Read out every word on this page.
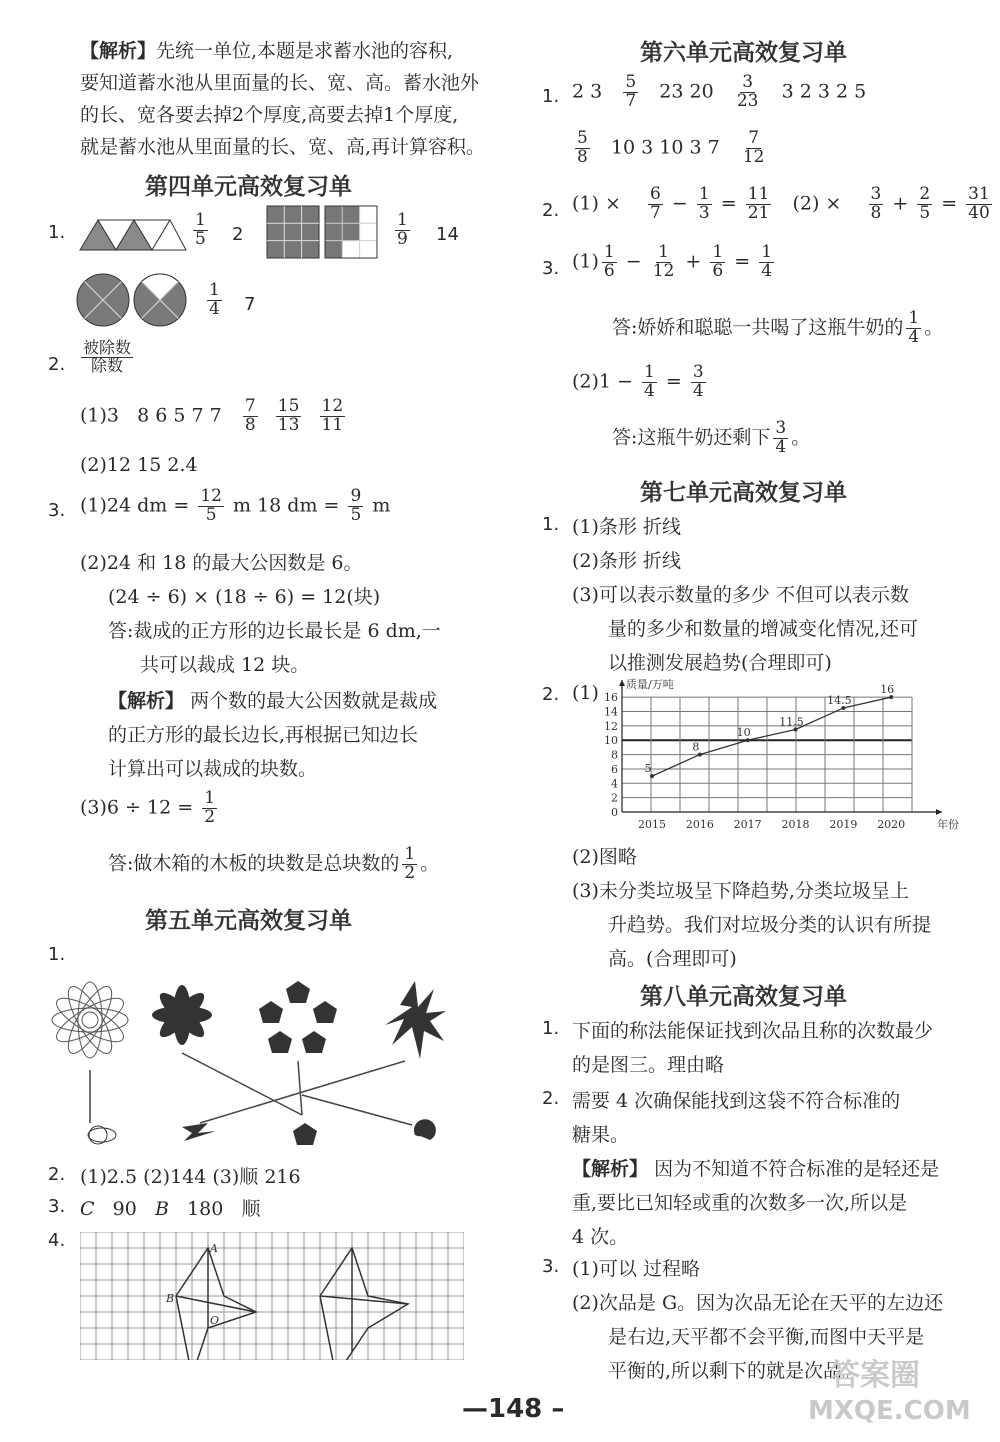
【解析】先统一单位,本题是求蓄水池的容积,
要知道蓄水池从里面量的长、宽、高。蓄水池外
的长、宽各要去掉2个厚度,高要去掉1个厚度,
就是蓄水池从里面量的长、宽、高,再计算容积。
第四单元高效复习单
1.	$\frac{1}{5} 2$	$\frac{1}{9} 14$
$\frac{1}{4} 7$
2. $\frac{\text{被除数}}{\text{除数}}$
(1)3 8 6 5 7 $7 \frac{7}{8}$
$\frac{15}{13}$
$\frac{12}{11}$
(2)12 15 2.4
3. (1)24 dm = $\frac{12}{5}$ m 18 dm = $\frac{9}{5}$ m
(2)24 和 18 的最大公因数是 6。
(24 ÷ 6) × (18 ÷ 6) = 12(块)
答:裁成的正方形的边长最长是 6 dm,一
共可以裁成 12 块。
【解析】 两个数的最大公因数就是裁成
的正方形的最长边长,再根据已知边长
计算出可以裁成的块数。
$(3)6 \div 12 = \frac{1}{2}$
答:做木箱的木板的块数是总块数的 $\frac{1}{2}$ 。
第五单元高效复习单
1.
2. (1)2.5 (2)144 (3)顺 216
3. C 90 B 180 顺
4.	A
B
O
第六单元高效复习单
1. 2 $3 \frac{5}{7} 23$ $20 \frac{3}{23} 3$ 2 3 2 5
$\frac{5}{8} 10$ 3 10 3 $7 \frac{7}{12}$
2. $(1) \times \frac{6}{7} - \frac{1}{3} = \frac{11}{21} (2) \times \frac{3}{8} + \frac{2}{5} = \frac{31}{40}$
3. $(1) \frac{1}{6} - \frac{1}{12} + \frac{1}{6} = \frac{1}{4}$
答:娇娇和聪聪一共喝了这瓶牛奶的 $\frac{1}{4}$ 。
$(2)1 - \frac{1}{4} = \frac{3}{4}$
答:这瓶牛奶还剩下 $\frac{3}{4}$ 。
第七单元高效复习单
1. (1)条形 折线
(2)条形 折线
(3)可以表示数量的多少 不但可以表示数
量的多少和数量的增减变化情况,还可
以推测发展趋势(合理即可)
2. (1)
0
2
4
6
8
10
12
14
16
质量/万吨
2015 2016 2017 2018 2019 2020	年份
5
8
10
11.5
14.5
16
(2)图略
(3)未分类垃圾呈下降趋势,分类垃圾呈上
升趋势。我们对垃圾分类的认识有所提
高。(合理即可)
第八单元高效复习单
1. 下面的称法能保证找到次品且称的次数最少
的是图三。理由略
2. 需要 4 次确保能找到这袋不符合标准的
糖果。
【解析】 因为不知道不符合标准的是轻还是
重,要比已知轻或重的次数多一次,所以是
4 次。
3. (1)可以 过程略
(2)次品是 G。因为次品无论在天平的左边还
是右边,天平都不会平衡,而图中天平是
平衡的,所以剩下的就是次品。
—148 –
答案圈
MXQE.COM
